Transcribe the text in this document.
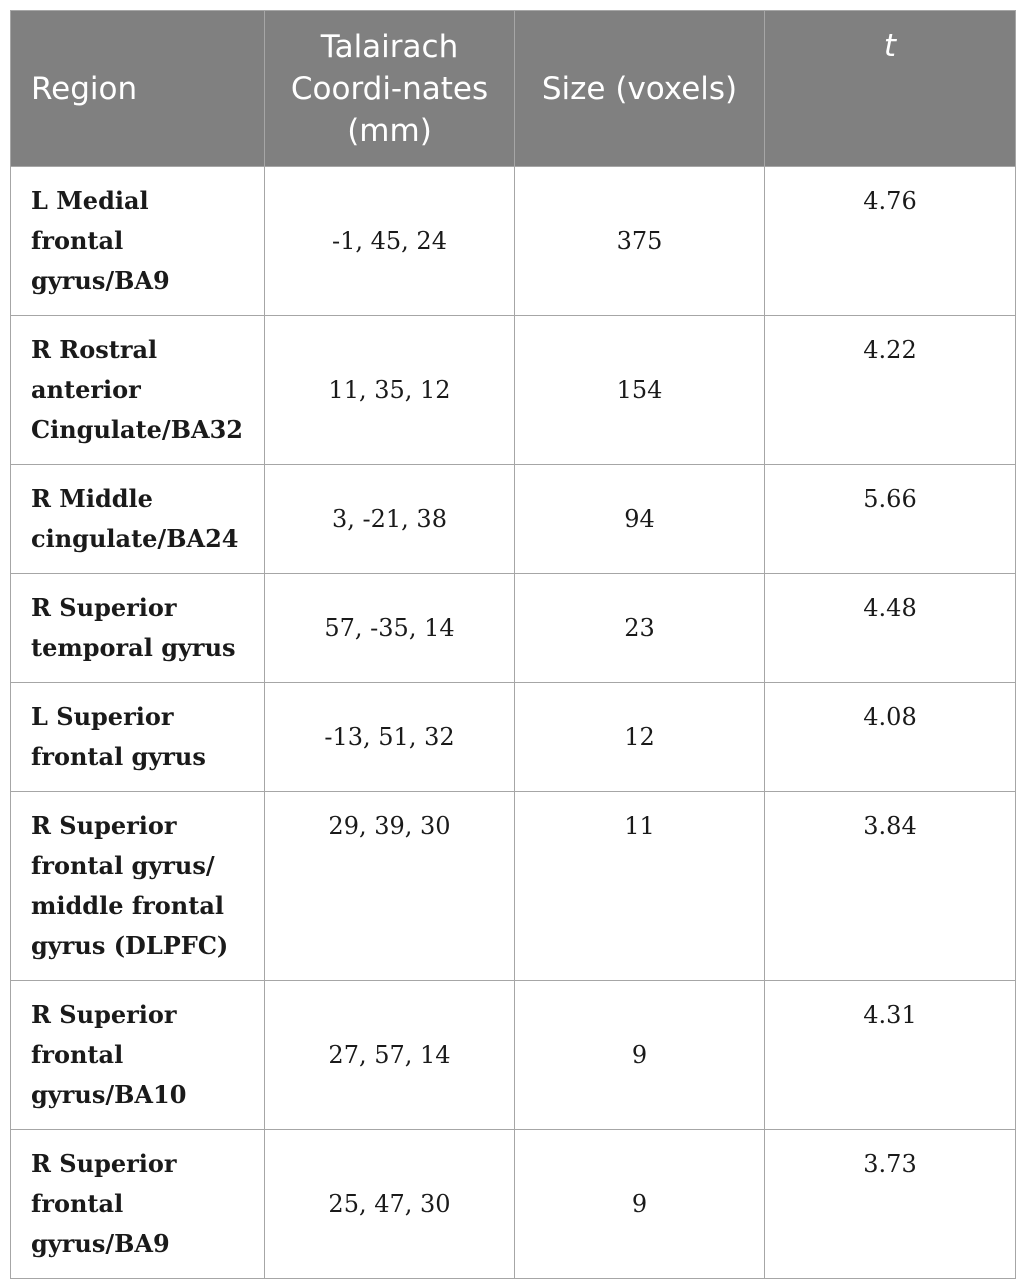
Region	Talairach Coordi-nates (mm)	Size (voxels)	t
L Medial frontal gyrus/BA9	-1, 45, 24	375	4.76
R Rostral anterior Cingulate/BA32	11, 35, 12	154	4.22
R Middle cingulate/BA24	3, -21, 38	94	5.66
R Superior temporal gyrus	57, -35, 14	23	4.48
L Superior frontal gyrus	-13, 51, 32	12	4.08
R Superior frontal gyrus/ middle frontal gyrus (DLPFC)	29, 39, 30	11	3.84
R Superior frontal gyrus/BA10	27, 57, 14	9	4.31
R Superior frontal gyrus/BA9	25, 47, 30	9	3.73
